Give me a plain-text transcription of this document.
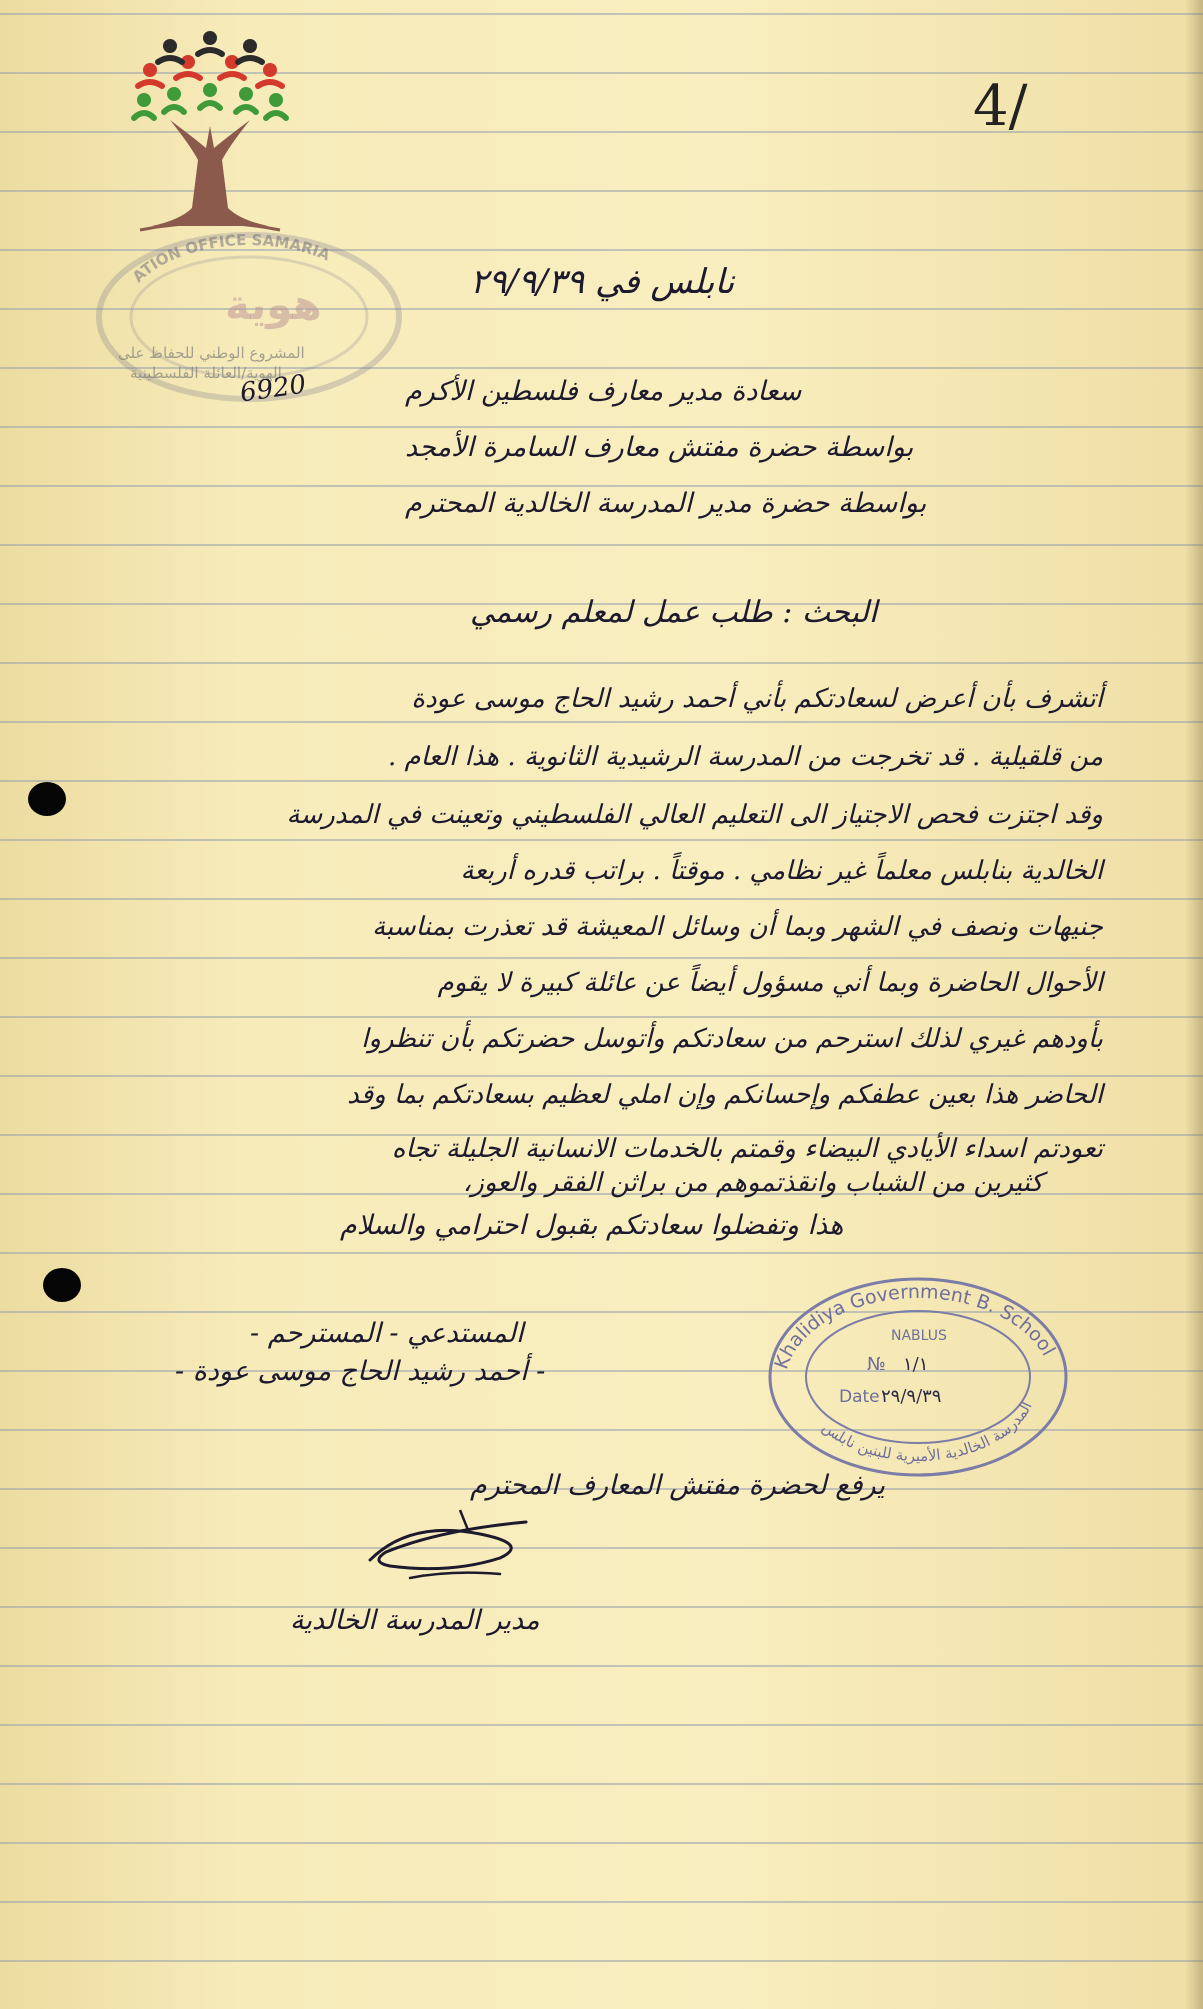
ATION OFFICE SAMARIA
هوية
المشروع الوطني للحفاظ على
الهوية/العائلة الفلسطينية
4/
نابلس في ٢٩/٩/٣٩
6920	سعادة مدير معارف فلسطين الأكرم
بواسطة حضرة مفتش معارف السامرة الأمجد
بواسطة حضرة مدير المدرسة الخالدية المحترم
البحث : طلب عمل لمعلم رسمي
أتشرف بأن أعرض لسعادتكم بأني أحمد رشيد الحاج موسى عودة
من قلقيلية . قد تخرجت من المدرسة الرشيدية الثانوية . هذا العام .
وقد اجتزت فحص الاجتياز الى التعليم العالي الفلسطيني وتعينت في المدرسة
الخالدية بنابلس معلماً غير نظامي . موقتاً . براتب قدره أربعة
جنيهات ونصف في الشهر وبما أن وسائل المعيشة قد تعذرت بمناسبة
الأحوال الحاضرة وبما أني مسؤول أيضاً عن عائلة كبيرة لا يقوم
بأودهم غيري لذلك استرحم من سعادتكم وأتوسل حضرتكم بأن تنظروا
الحاضر هذا بعين عطفكم وإحسانكم وإن املي لعظيم بسعادتكم بما وقد
تعودتم اسداء الأيادي البيضاء وقمتم بالخدمات الانسانية الجليلة تجاه
كثيرين من الشباب وانقذتموهم من براثن الفقر والعوز،
هذا وتفضلوا سعادتكم بقبول احترامي والسلام
المستدعي - المسترحم -
- أحمد رشيد الحاج موسى عودة -	Khalidiya Government B. School
المدرسة الخالدية الأميرية للبنين نابلس
NABLUS
№ ١/١
Date ٢٩/٩/٣٩
يرفع لحضرة مفتش المعارف المحترم
مدير المدرسة الخالدية
